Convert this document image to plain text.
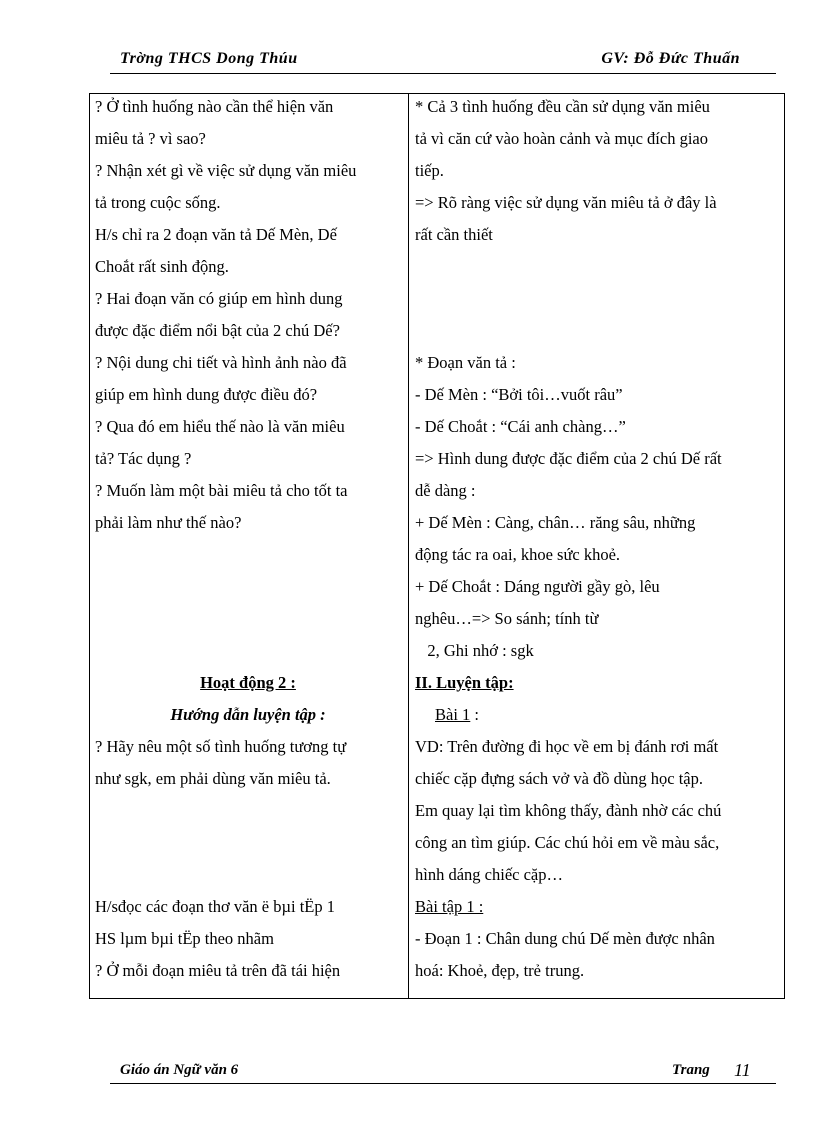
Trờng THCS Dong Thúu	GV: Đỗ Đức Thuấn
? Ở tình huống nào cần thể hiện văn
miêu tả ? vì sao?
? Nhận xét gì về việc sử dụng văn miêu
tả trong cuộc sống.
H/s chỉ ra 2 đoạn văn tả Dế Mèn, Dế
Choắt rất sinh động.
? Hai đoạn văn có giúp em hình dung
được đặc điểm nổi bật của 2 chú Dế?
? Nội dung chi tiết và hình ảnh nào đã
giúp em hình dung được điều đó?
? Qua đó em hiểu thế nào là văn miêu
tả? Tác dụng ?
? Muốn làm một bài miêu tả cho tốt ta
phải làm như thế nào?
Hoạt động 2 :
Hướng dẫn luyện tập :
? Hãy nêu một số tình huống tương tự
như sgk, em phải dùng văn miêu tả.
H/sđọc các đoạn thơ văn ë bµi tËp 1
HS lµm bµi tËp theo nhãm
? Ở mỗi đoạn miêu tả trên đã tái hiện
* Cả 3 tình huống đều cần sử dụng văn miêu
tả vì căn cứ vào hoàn cảnh và mục đích giao
tiếp.
=> Rõ ràng việc sử dụng văn miêu tả ở đây là
rất cần thiết
* Đoạn văn tả :
- Dế Mèn : “Bởi tôi…vuốt râu”
- Dế Choắt : “Cái anh chàng…”
=> Hình dung được đặc điểm của 2 chú Dế rất
dễ dàng :
+ Dế Mèn : Càng, chân… răng sâu, những
động tác ra oai, khoe sức khoẻ.
+ Dế Choắt : Dáng người gầy gò, lêu
nghêu…=> So sánh; tính từ
2, Ghi nhớ : sgk
II. Luyện tập:
Bài 1 :
VD: Trên đường đi học về em bị đánh rơi mất
chiếc cặp đựng sách vở và đồ dùng học tập.
Em quay lại tìm không thấy, đành nhờ các chú
công an tìm giúp. Các chú hỏi em về màu sắc,
hình dáng chiếc cặp…
Bài tập 1 :
- Đoạn 1 : Chân dung chú Dế mèn được nhân
hoá: Khoẻ, đẹp, trẻ trung.
Giáo án Ngữ văn 6	Trang 11
